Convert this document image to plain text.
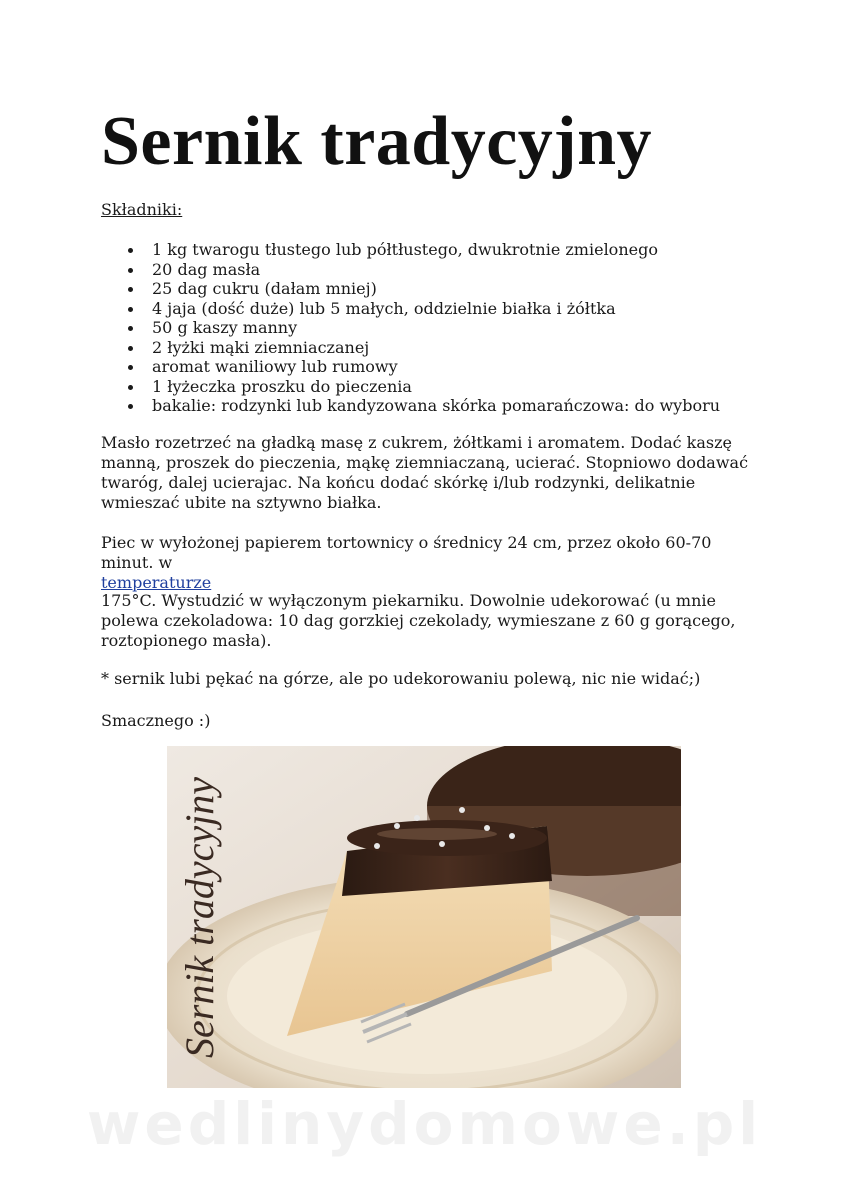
Sernik tradycyjny
Składniki:
1 kg twarogu tłustego lub półtłustego, dwukrotnie zmielonego
20 dag masła
25 dag cukru (dałam mniej)
4 jaja (dość duże) lub 5 małych, oddzielnie białka i żółtka
50 g kaszy manny
2 łyżki mąki ziemniaczanej
aromat waniliowy lub rumowy
1 łyżeczka proszku do pieczenia
bakalie: rodzynki lub kandyzowana skórka pomarańczowa: do wyboru

Masło rozetrzeć na gładką masę z cukrem, żółtkami i aromatem. Dodać kaszę manną, proszek do pieczenia, mąkę ziemniaczaną, ucierać. Stopniowo dodawać twaróg, dalej ucierajac. Na końcu dodać skórkę i/lub rodzynki, delikatnie wmieszać ubite na sztywno białka.

Piec w wyłożonej papierem tortownicy o średnicy 24 cm, przez około 60-70 minut. w
temperaturze

175°C. Wystudzić w wyłączonym piekarniku. Dowolnie udekorować (u mnie polewa czekoladowa: 10 dag gorzkiej czekolady, wymieszane z 60 g gorącego, roztopionego masła).

* sernik lubi pękać na górze, ale po udekorowaniu polewą, nic nie widać;)

Smacznego :)

Sernik tradycyjny
wedlinydomowe.pl
